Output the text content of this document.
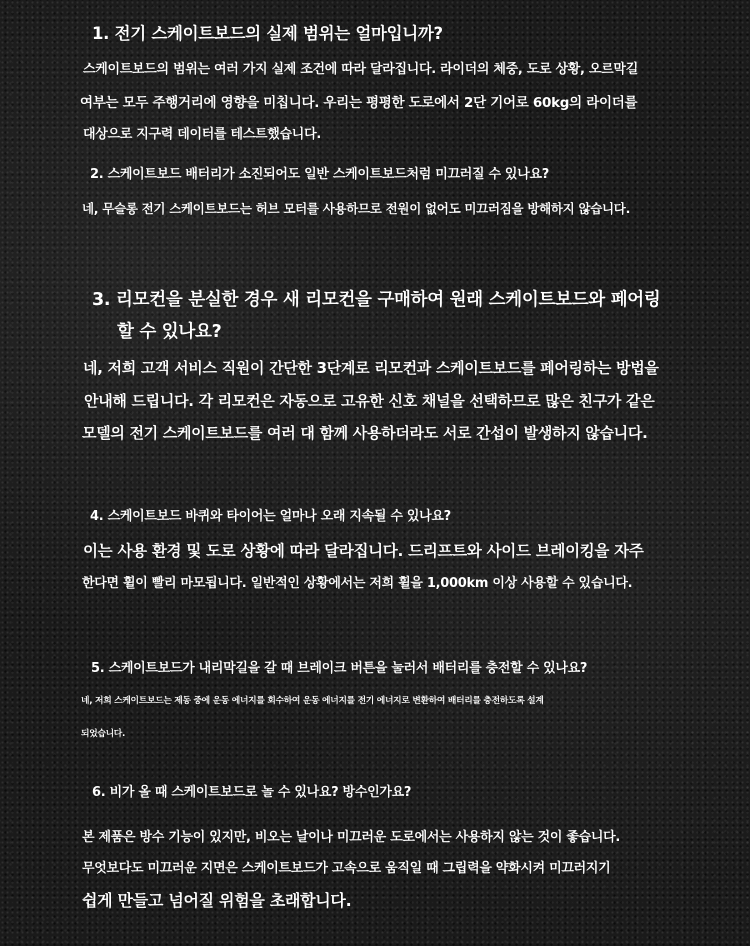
1. 전기 스케이트보드의 실제 범위는 얼마입니까?
스케이트보드의 범위는 여러 가지 실제 조건에 따라 달라집니다. 라이더의 체중, 도로 상황, 오르막길
여부는 모두 주행거리에 영향을 미칩니다. 우리는 평평한 도로에서 2단 기어로 60kg의 라이더를
대상으로 지구력 데이터를 테스트했습니다.
2. 스케이트보드 배터리가 소진되어도 일반 스케이트보드처럼 미끄러질 수 있나요?
네, 무슬롱 전기 스케이트보드는 허브 모터를 사용하므로 전원이 없어도 미끄러짐을 방해하지 않습니다.
3. 리모컨을 분실한 경우 새 리모컨을 구매하여 원래 스케이트보드와 페어링
할 수 있나요?
네, 저희 고객 서비스 직원이 간단한 3단계로 리모컨과 스케이트보드를 페어링하는 방법을
안내해 드립니다. 각 리모컨은 자동으로 고유한 신호 채널을 선택하므로 많은 친구가 같은
모델의 전기 스케이트보드를 여러 대 함께 사용하더라도 서로 간섭이 발생하지 않습니다.
4. 스케이트보드 바퀴와 타이어는 얼마나 오래 지속될 수 있나요?
이는 사용 환경 및 도로 상황에 따라 달라집니다. 드리프트와 사이드 브레이킹을 자주
한다면 휠이 빨리 마모됩니다. 일반적인 상황에서는 저희 휠을 1,000km 이상 사용할 수 있습니다.
5. 스케이트보드가 내리막길을 갈 때 브레이크 버튼을 눌러서 배터리를 충전할 수 있나요?
네, 저희 스케이트보드는 제동 중에 운동 에너지를 회수하여 운동 에너지를 전기 에너지로 변환하여 배터리를 충전하도록 설계
되었습니다.
6. 비가 올 때 스케이트보드로 놀 수 있나요? 방수인가요?
본 제품은 방수 기능이 있지만, 비오는 날이나 미끄러운 도로에서는 사용하지 않는 것이 좋습니다.
무엇보다도 미끄러운 지면은 스케이트보드가 고속으로 움직일 때 그립력을 약화시켜 미끄러지기
쉽게 만들고 넘어질 위험을 초래합니다.
